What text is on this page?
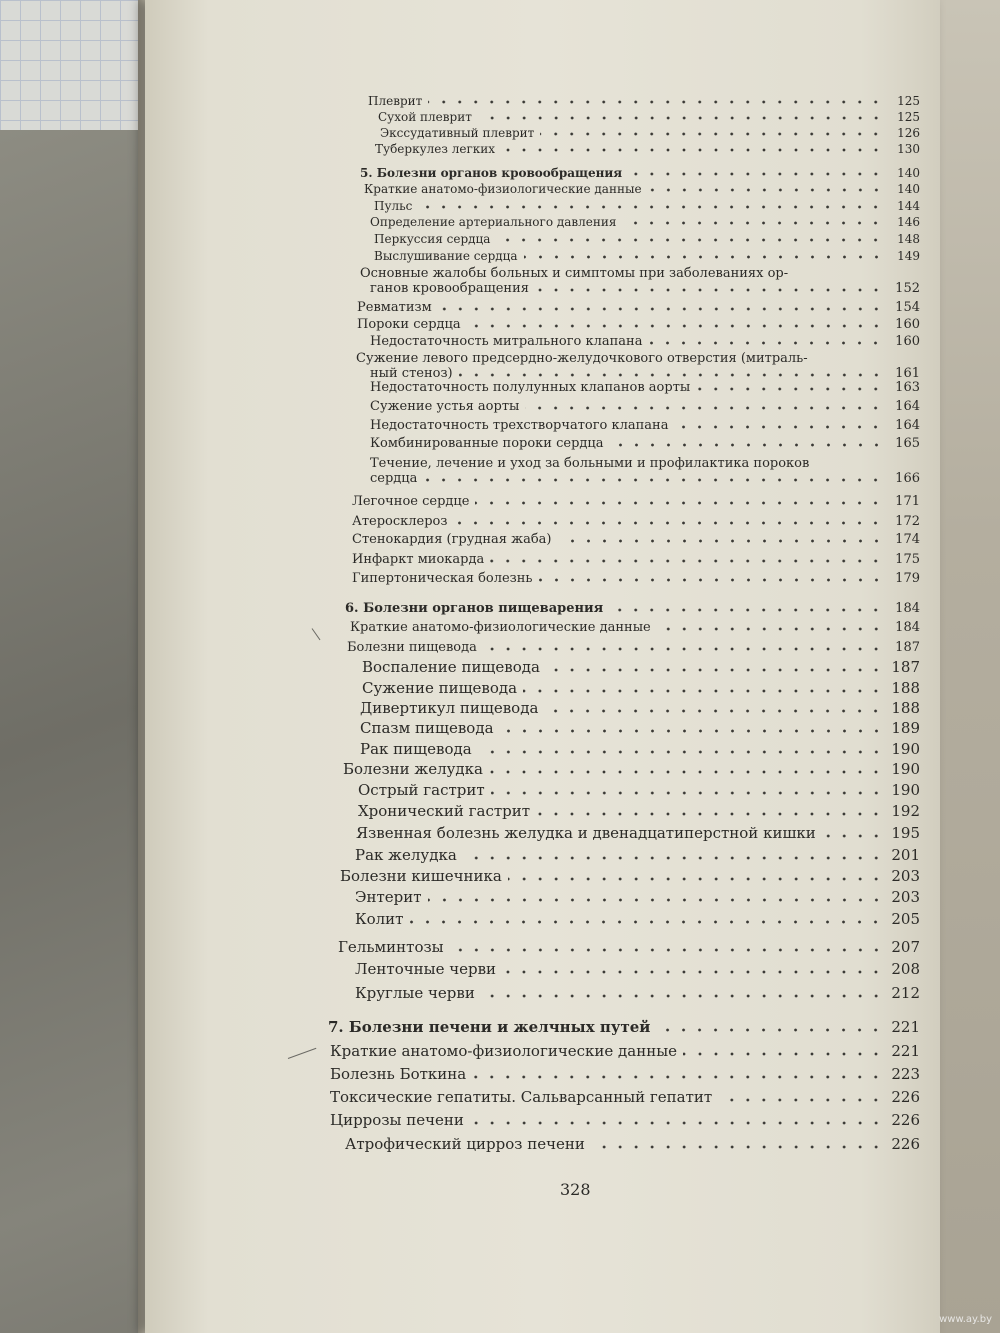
Плеврит	125
Сухой плеврит	125
Экссудативный плеврит	126
Туберкулез легких	130
5. Болезни органов кровообращения	140
Краткие анатомо-физиологические данные	140
Пульс	144
Определение артериального давления	146
Перкуссия сердца	148
Выслушивание сердца	149
Основные жалобы больных и симптомы при заболеваниях ор-
ганов кровообращения	152
Ревматизм	154
Пороки сердца	160
Недостаточность митрального клапана	160
Сужение левого предсердно-желудочкового отверстия (митраль-
ный стеноз)	161
Недостаточность полулунных клапанов аорты	163
Сужение устья аорты	164
Недостаточность трехстворчатого клапана	164
Комбинированные пороки сердца	165
Течение, лечение и уход за больными и профилактика пороков
сердца	166
Легочное сердце	171
Атеросклероз	172
Стенокардия (грудная жаба)	174
Инфаркт миокарда	175
Гипертоническая болезнь	179
6. Болезни органов пищеварения	184
Краткие анатомо-физиологические данные	184
Болезни пищевода	187
Воспаление пищевода	187
Сужение пищевода	188
Дивертикул пищевода	188
Спазм пищевода	189
Рак пищевода	190
Болезни желудка	190
Острый гастрит	190
Хронический гастрит	192
Язвенная болезнь желудка и двенадцатиперстной кишки	195
Рак желудка	201
Болезни кишечника	203
Энтерит	203
Колит	205
Гельминтозы	207
Ленточные черви	208
Круглые черви	212
7. Болезни печени и желчных путей	221
Краткие анатомо-физиологические данные	221
Болезнь Боткина	223
Токсические гепатиты. Сальварсанный гепатит	226
Циррозы печени	226
Атрофический цирроз печени	226
328
www.ay.by
